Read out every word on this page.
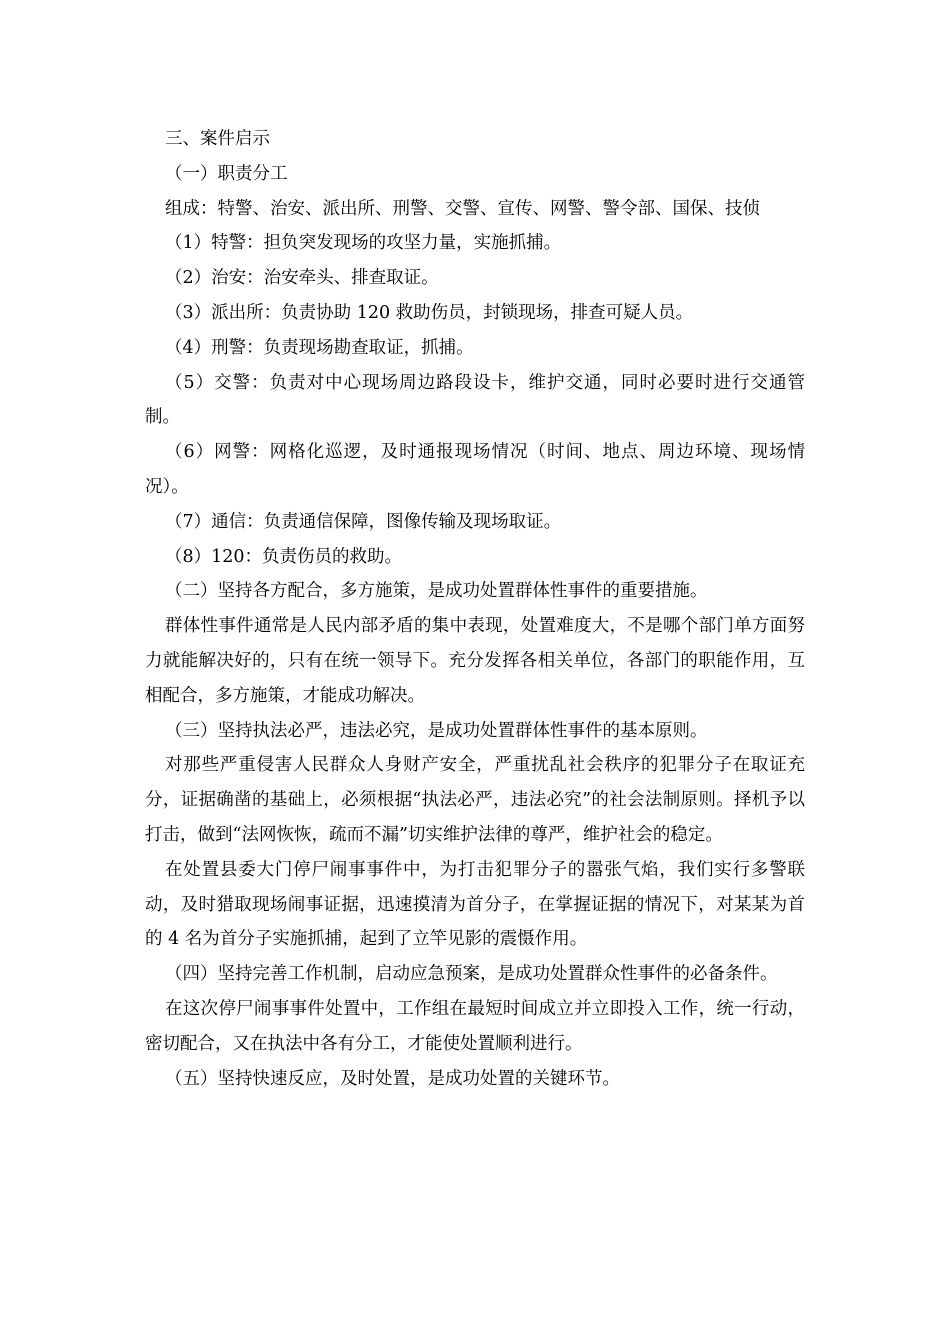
三、案件启示

（一）职责分工

组成：特警、治安、派出所、刑警、交警、宣传、网警、警令部、国保、技侦

（1）特警：担负突发现场的攻坚力量，实施抓捕。

（2）治安：治安牵头、排查取证。

（3）派出所：负责协助 120 救助伤员，封锁现场，排查可疑人员。

（4）刑警：负责现场勘查取证，抓捕。

（5）交警：负责对中心现场周边路段设卡，维护交通，同时必要时进行交通管制。

（6）网警：网格化巡逻，及时通报现场情况（时间、地点、周边环境、现场情况）。

（7）通信：负责通信保障，图像传输及现场取证。

（8）120：负责伤员的救助。

（二）坚持各方配合，多方施策，是成功处置群体性事件的重要措施。

群体性事件通常是人民内部矛盾的集中表现，处置难度大，不是哪个部门单方面努力就能解决好的，只有在统一领导下。充分发挥各相关单位，各部门的职能作用，互相配合，多方施策，才能成功解决。

（三）坚持执法必严，违法必究，是成功处置群体性事件的基本原则。

对那些严重侵害人民群众人身财产安全，严重扰乱社会秩序的犯罪分子在取证充分，证据确凿的基础上，必须根据“执法必严，违法必究”的社会法制原则。择机予以打击，做到“法网恢恢，疏而不漏”切实维护法律的尊严，维护社会的稳定。

在处置县委大门停尸闹事事件中，为打击犯罪分子的嚣张气焰，我们实行多警联动，及时猎取现场闹事证据，迅速摸清为首分子，在掌握证据的情况下，对某某为首的 4 名为首分子实施抓捕，起到了立竿见影的震慑作用。

（四）坚持完善工作机制，启动应急预案，是成功处置群众性事件的必备条件。

在这次停尸闹事事件处置中，工作组在最短时间成立并立即投入工作，统一行动，密切配合，又在执法中各有分工，才能使处置顺利进行。

（五）坚持快速反应，及时处置，是成功处置的关键环节。
